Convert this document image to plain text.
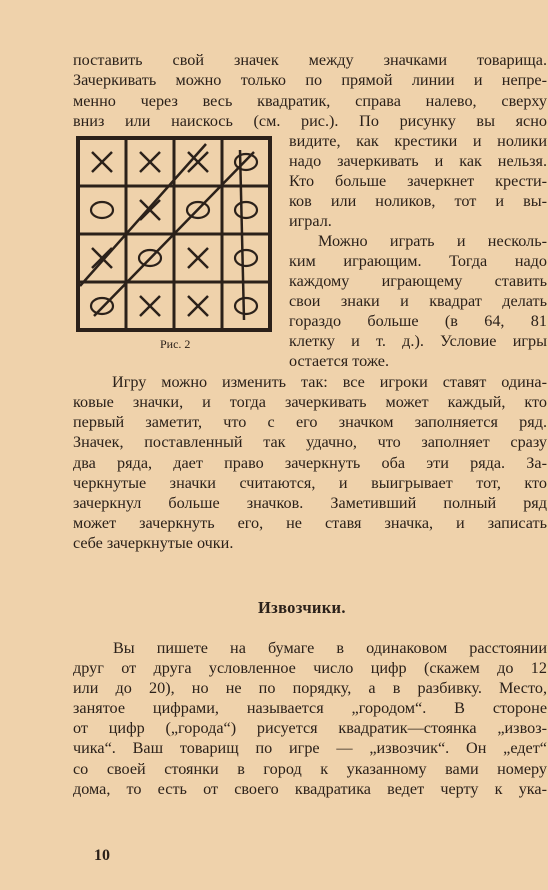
поставить свой значек между значками товарища.
Зачеркивать можно только по прямой линии и непре-
менно через весь квадратик, справа налево, сверху
вниз или наискось (см. рис.). По рисунку вы ясно
видите, как крестики и нолики
надо зачеркивать и как нельзя.
Кто больше зачеркнет крести-
ков или ноликов, тот и вы-
играл.
Можно играть и несколь-
ким играющим. Тогда надо
каждому играющему ставить
свои знаки и квадрат делать
гораздо больше (в 64, 81
клетку и т. д.). Условие игры
остается тоже.
Рис. 2
Игру можно изменить так: все игроки ставят одина-
ковые значки, и тогда зачеркивать может каждый, кто
первый заметит, что с его значком заполняется ряд.
Значек, поставленный так удачно, что заполняет сразу
два ряда, дает право зачеркнуть оба эти ряда. За-
черкнутые значки считаются, и выигрывает тот, кто
зачеркнул больше значков. Заметивший полный ряд
может зачеркнуть его, не ставя значка, и записать
себе зачеркнутые очки.
Извозчики.
Вы пишете на бумаге в одинаковом расстоянии
друг от друга условленное число цифр (скажем до 12
или до 20), но не по порядку, а в разбивку. Место,
занятое цифрами, называется „городом“. В стороне
от цифр („города“) рисуется квадратик—стоянка „извоз-
чика“. Ваш товарищ по игре — „извозчик“. Он „едет“
со своей стоянки в город к указанному вами номеру
дома, то есть от своего квадратика ведет черту к ука-
10
